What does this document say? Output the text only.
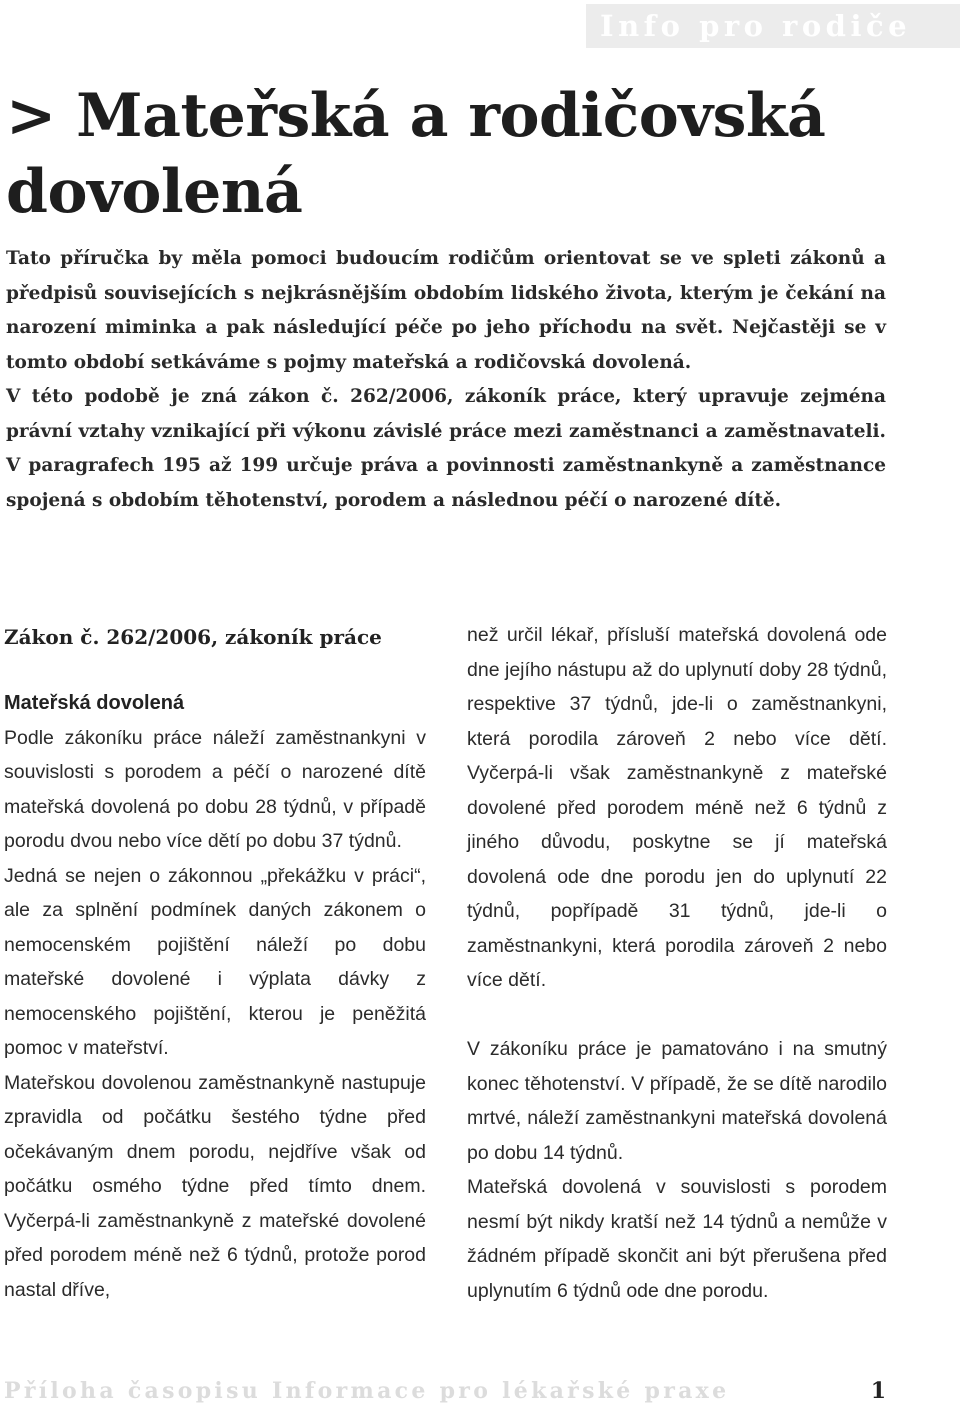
Info pro rodiče
> Mateřská a rodičovská dovolená

Tato příručka by měla pomoci budoucím rodičům orientovat se ve spleti zákonů a předpisů souvisejících s nejkrásnějším obdobím lidského života, kterým je čekání na narození miminka a pak následující péče po jeho příchodu na svět. Nejčastěji se v tomto období setkáváme s pojmy mateřská a rodičovská dovolená.

V této podobě je zná zákon č. 262/2006, zákoník práce, který upravuje zejména právní vztahy vznikající při výkonu závislé práce mezi zaměstnanci a zaměstnavateli. V paragrafech 195 až 199 určuje práva a povinnosti zaměstnankyně a zaměstnance spojená s obdobím těhotenství, porodem a následnou péčí o narozené dítě.

Zákon č. 262/2006, zákoník práce
Mateřská dovolená

Podle zákoníku práce náleží zaměstnankyni v souvislosti s porodem a péčí o narozené dítě mateřská dovolená po dobu 28 týdnů, v případě porodu dvou nebo více dětí po dobu 37 týdnů.

Jedná se nejen o zákonnou „překážku v práci“, ale za splnění podmínek daných zákonem o nemocenském pojištění náleží po dobu mateřské dovolené i výplata dávky z nemocenského pojištění, kterou je peněžitá pomoc v mateřství.

Mateřskou dovolenou zaměstnankyně nastupuje zpravidla od počátku šestého týdne před očekávaným dnem porodu, nejdříve však od počátku osmého týdne před tímto dnem. Vyčerpá-li zaměstnankyně z mateřské dovolené před porodem méně než 6 týdnů, protože porod nastal dříve,

než určil lékař, přísluší mateřská dovolená ode dne jejího nástupu až do uplynutí doby 28 týdnů, respektive 37 týdnů, jde-li o zaměstnankyni, která porodila zároveň 2 nebo více dětí. Vyčerpá-li však zaměstnankyně z mateřské dovolené před porodem méně než 6 týdnů z jiného důvodu, poskytne se jí mateřská dovolená ode dne porodu jen do uplynutí 22 týdnů, popřípadě 31 týdnů, jde-li o zaměstnankyni, která porodila zároveň 2 nebo více dětí.

V zákoníku práce je pamatováno i na smutný konec těhotenství. V případě, že se dítě narodilo mrtvé, náleží zaměstnankyni mateřská dovolená po dobu 14 týdnů.

Mateřská dovolená v souvislosti s porodem nesmí být nikdy kratší než 14 týdnů a nemůže v žádném případě skončit ani být přerušena před uplynutím 6 týdnů ode dne porodu.

Příloha časopisu Informace pro lékařské praxe	1
